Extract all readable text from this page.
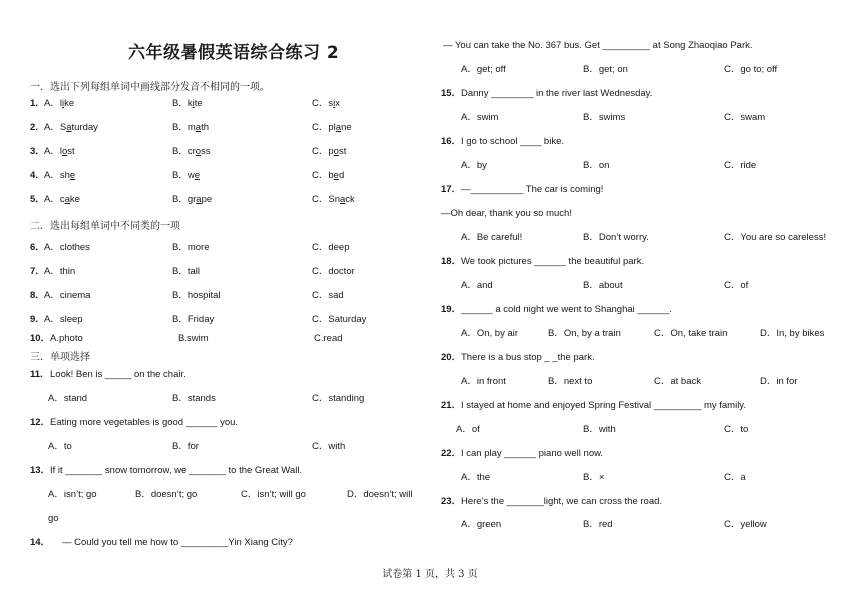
六年级暑假英语综合练习 2
一．选出下列每组单词中画线部分发音不相同的一项。
二．选出每组单词中不同类的一项
三．单项选择
1． A．like	B．kite	C．six
2． A．Saturday	B．math	C．plane
3． A．lost	B．cross	C．post
4． A．she	B．we	C．bed
5． A．cake	B．grape	C．Snack
6． A．clothes	B．more	C．deep
7． A．thin	B．tall	C．doctor
8． A．cinema	B．hospital	C．sad
9． A．sleep	B．Friday	C．Saturday
10． A.photo	B.swim	C.read
11． Look! Ben is _____ on the chair.
A．stand	B．stands	C．standing
12． Eating more vegetables is good ______ you.
A．to	B．for	C．with
13． If it _______ snow tomorrow, we _______ to the Great Wall.
A．isn’t; go	B．doesn’t; go	C．isn’t; will go	D．doesn’t; will
go
14． — Could you tell me how to _________Yin Xiang City?
— You can take the No. 367 bus. Get _________ at Song Zhaoqiao Park.
A．get; off	B．get; on	C．go to; off
15． Danny ________ in the river last Wednesday.
A．swim	B．swims	C．swam
16． I go to school ____ bike.
A．by	B．on	C．ride
17． —__________ The car is coming!
—Oh dear, thank you so much!
A．Be careful!	B．Don’t worry.	C．You are so careless!
18． We took pictures ______ the beautiful park.
A．and	B．about	C．of
19． ______ a cold night we went to Shanghai ______.
A．On, by air	B．On, by a train	C．On, take train	D．In, by bikes
20． There is a bus stop _ _the park.
A．in front	B．next to	C．at back	D．in for
21． I stayed at home and enjoyed Spring Festival _________ my family.
A．of	B．with	C．to
22． I can play ______ piano well now.
A．the	B．×	C．a
23． Here’s the _______light, we can cross the road.
A．green	B．red	C．yellow
试卷第 1 页，共 3 页
